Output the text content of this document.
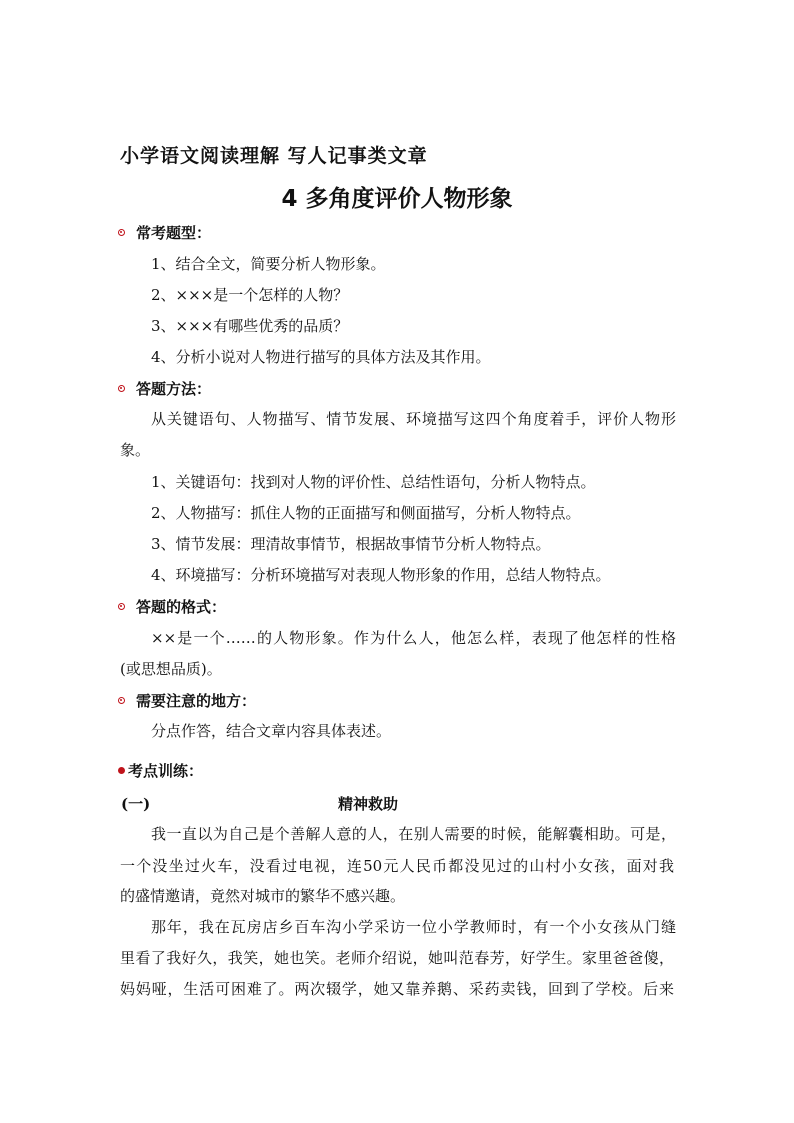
小学语文阅读理解 写人记事类文章
4 多角度评价人物形象
常考题型：
1、结合全文，简要分析人物形象。
2、×××是一个怎样的人物？
3、×××有哪些优秀的品质？
4、分析小说对人物进行描写的具体方法及其作用。
答题方法：
从关键语句、人物描写、情节发展、环境描写这四个角度着手，评价人物形
象。
1、关键语句：找到对人物的评价性、总结性语句，分析人物特点。
2、人物描写：抓住人物的正面描写和侧面描写，分析人物特点。
3、情节发展：理清故事情节，根据故事情节分析人物特点。
4、环境描写：分析环境描写对表现人物形象的作用，总结人物特点。
答题的格式：
××是一个……的人物形象。作为什么人，他怎么样，表现了他怎样的性格
(或思想品质)。
需要注意的地方：
分点作答，结合文章内容具体表述。
考点训练：
(一)	精神救助
我一直以为自己是个善解人意的人，在别人需要的时候，能解囊相助。可是，
一个没坐过火车，没看过电视，连50元人民币都没见过的山村小女孩，面对我
的盛情邀请，竟然对城市的繁华不感兴趣。
那年，我在瓦房店乡百车沟小学采访一位小学教师时，有一个小女孩从门缝
里看了我好久，我笑，她也笑。老师介绍说，她叫范春芳，好学生。家里爸爸傻，
妈妈哑，生活可困难了。两次辍学，她又靠养鹅、采药卖钱，回到了学校。后来
